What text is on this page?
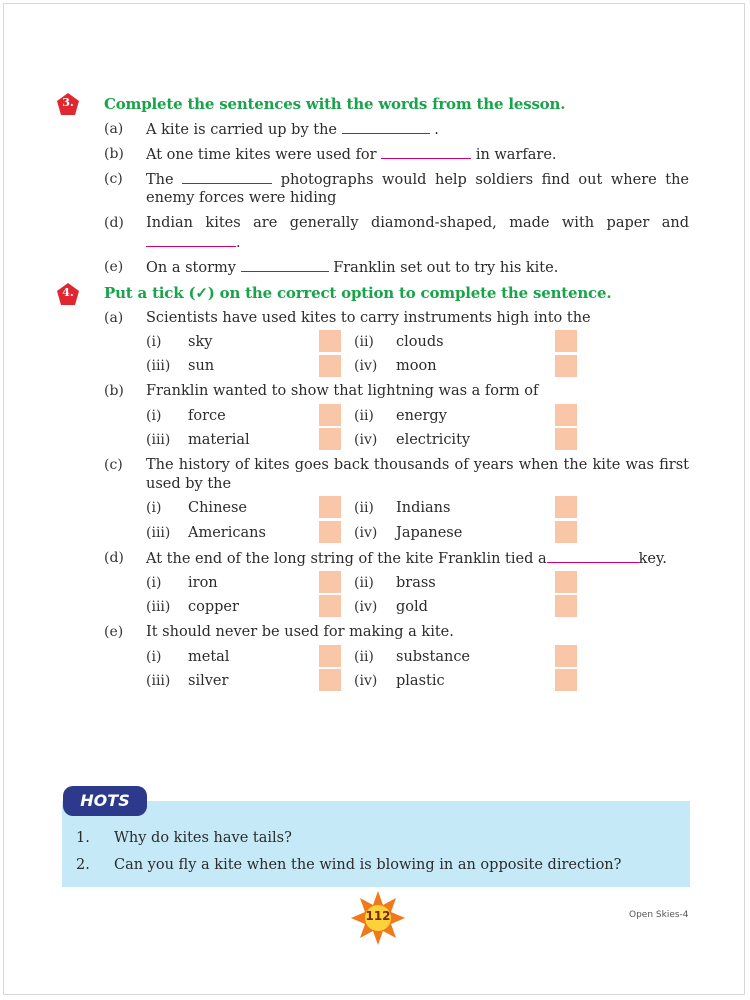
3.	Complete the sentences with the words from the lesson.
(a) A kite is carried up by the	.
(b) At one time kites were used for	in warfare.
(c) The	photographs would help soldiers find out where the
enemy forces were hiding
(d) Indian kites are generally diamond-shaped, made with paper and
.
(e) On a stormy	Franklin set out to try his kite.
4.	Put a tick (✓) on the correct option to complete the sentence.
(a) Scientists have used kites to carry instruments high into the
(i) sky	(ii) clouds
(iii) sun	(iv) moon
(b) Franklin wanted to show that lightning was a form of
(i) force	(ii) energy
(iii) material	(iv) electricity
(c) The history of kites goes back thousands of years when the kite was first
used by the
(i) Chinese	(ii) Indians
(iii) Americans	(iv) Japanese
(d) At the end of the long string of the kite Franklin tied a	key.
(i) iron	(ii) brass
(iii) copper	(iv) gold
(e) It should never be used for making a kite.
(i) metal	(ii) substance
(iii) silver	(iv) plastic
HOTS
1. Why do kites have tails?
2. Can you fly a kite when the wind is blowing in an opposite direction?
112	Open Skies-4
